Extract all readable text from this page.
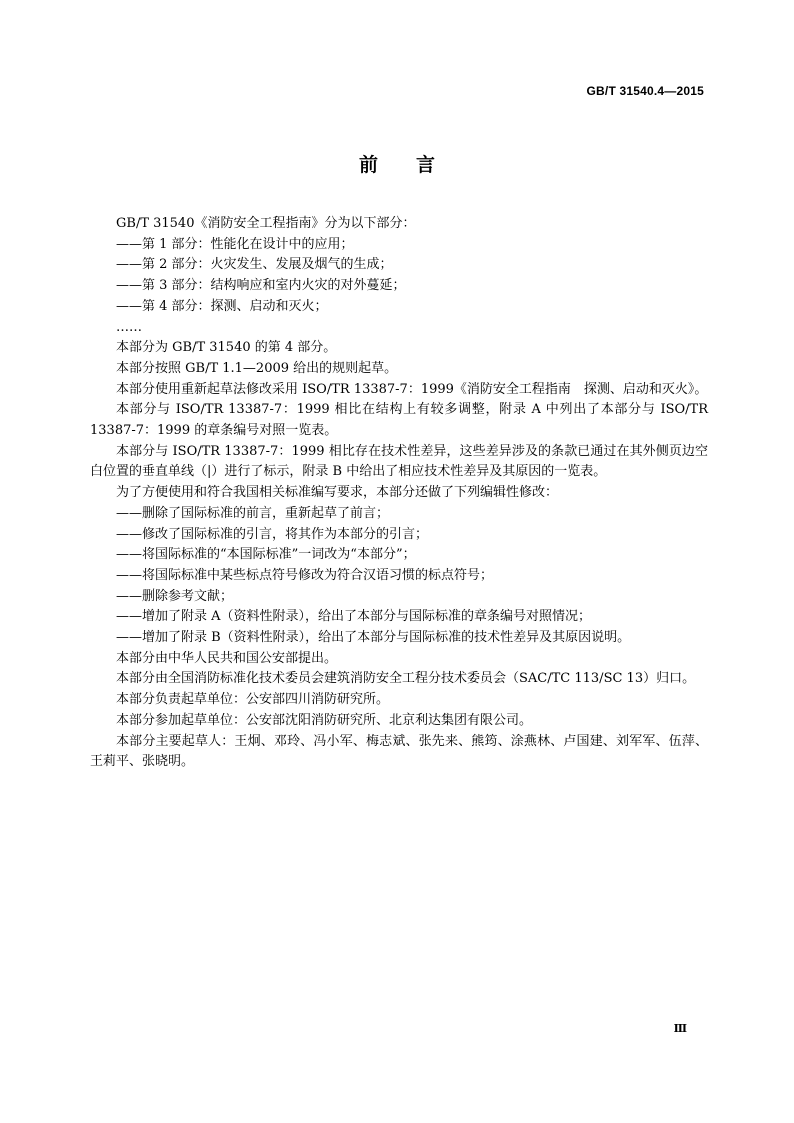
GB/T 31540.4—2015
前言

GB/T 31540《消防安全工程指南》分为以下部分：

——第 1 部分：性能化在设计中的应用；

——第 2 部分：火灾发生、发展及烟气的生成；

——第 3 部分：结构响应和室内火灾的对外蔓延；

——第 4 部分：探测、启动和灭火；

……

本部分为 GB/T 31540 的第 4 部分。

本部分按照 GB/T 1.1—2009 给出的规则起草。

本部分使用重新起草法修改采用 ISO/TR 13387-7：1999《消防安全工程指南　探测、启动和灭火》。

本部分与 ISO/TR 13387-7：1999 相比在结构上有较多调整，附录 A 中列出了本部分与 ISO/TR 13387-7：1999 的章条编号对照一览表。

本部分与 ISO/TR 13387-7：1999 相比存在技术性差异，这些差异涉及的条款已通过在其外侧页边空白位置的垂直单线（|）进行了标示，附录 B 中给出了相应技术性差异及其原因的一览表。

为了方便使用和符合我国相关标准编写要求，本部分还做了下列编辑性修改：

——删除了国际标准的前言，重新起草了前言；

——修改了国际标准的引言，将其作为本部分的引言；

——将国际标准的“本国际标准”一词改为“本部分”；

——将国际标准中某些标点符号修改为符合汉语习惯的标点符号；

——删除参考文献；

——增加了附录 A（资料性附录），给出了本部分与国际标准的章条编号对照情况；

——增加了附录 B（资料性附录），给出了本部分与国际标准的技术性差异及其原因说明。

本部分由中华人民共和国公安部提出。

本部分由全国消防标准化技术委员会建筑消防安全工程分技术委员会（SAC/TC 113/SC 13）归口。

本部分负责起草单位：公安部四川消防研究所。

本部分参加起草单位：公安部沈阳消防研究所、北京利达集团有限公司。

本部分主要起草人：王炯、邓玲、冯小军、梅志斌、张先来、熊筠、涂燕林、卢国建、刘军军、伍萍、王莉平、张晓明。

Ⅲ
